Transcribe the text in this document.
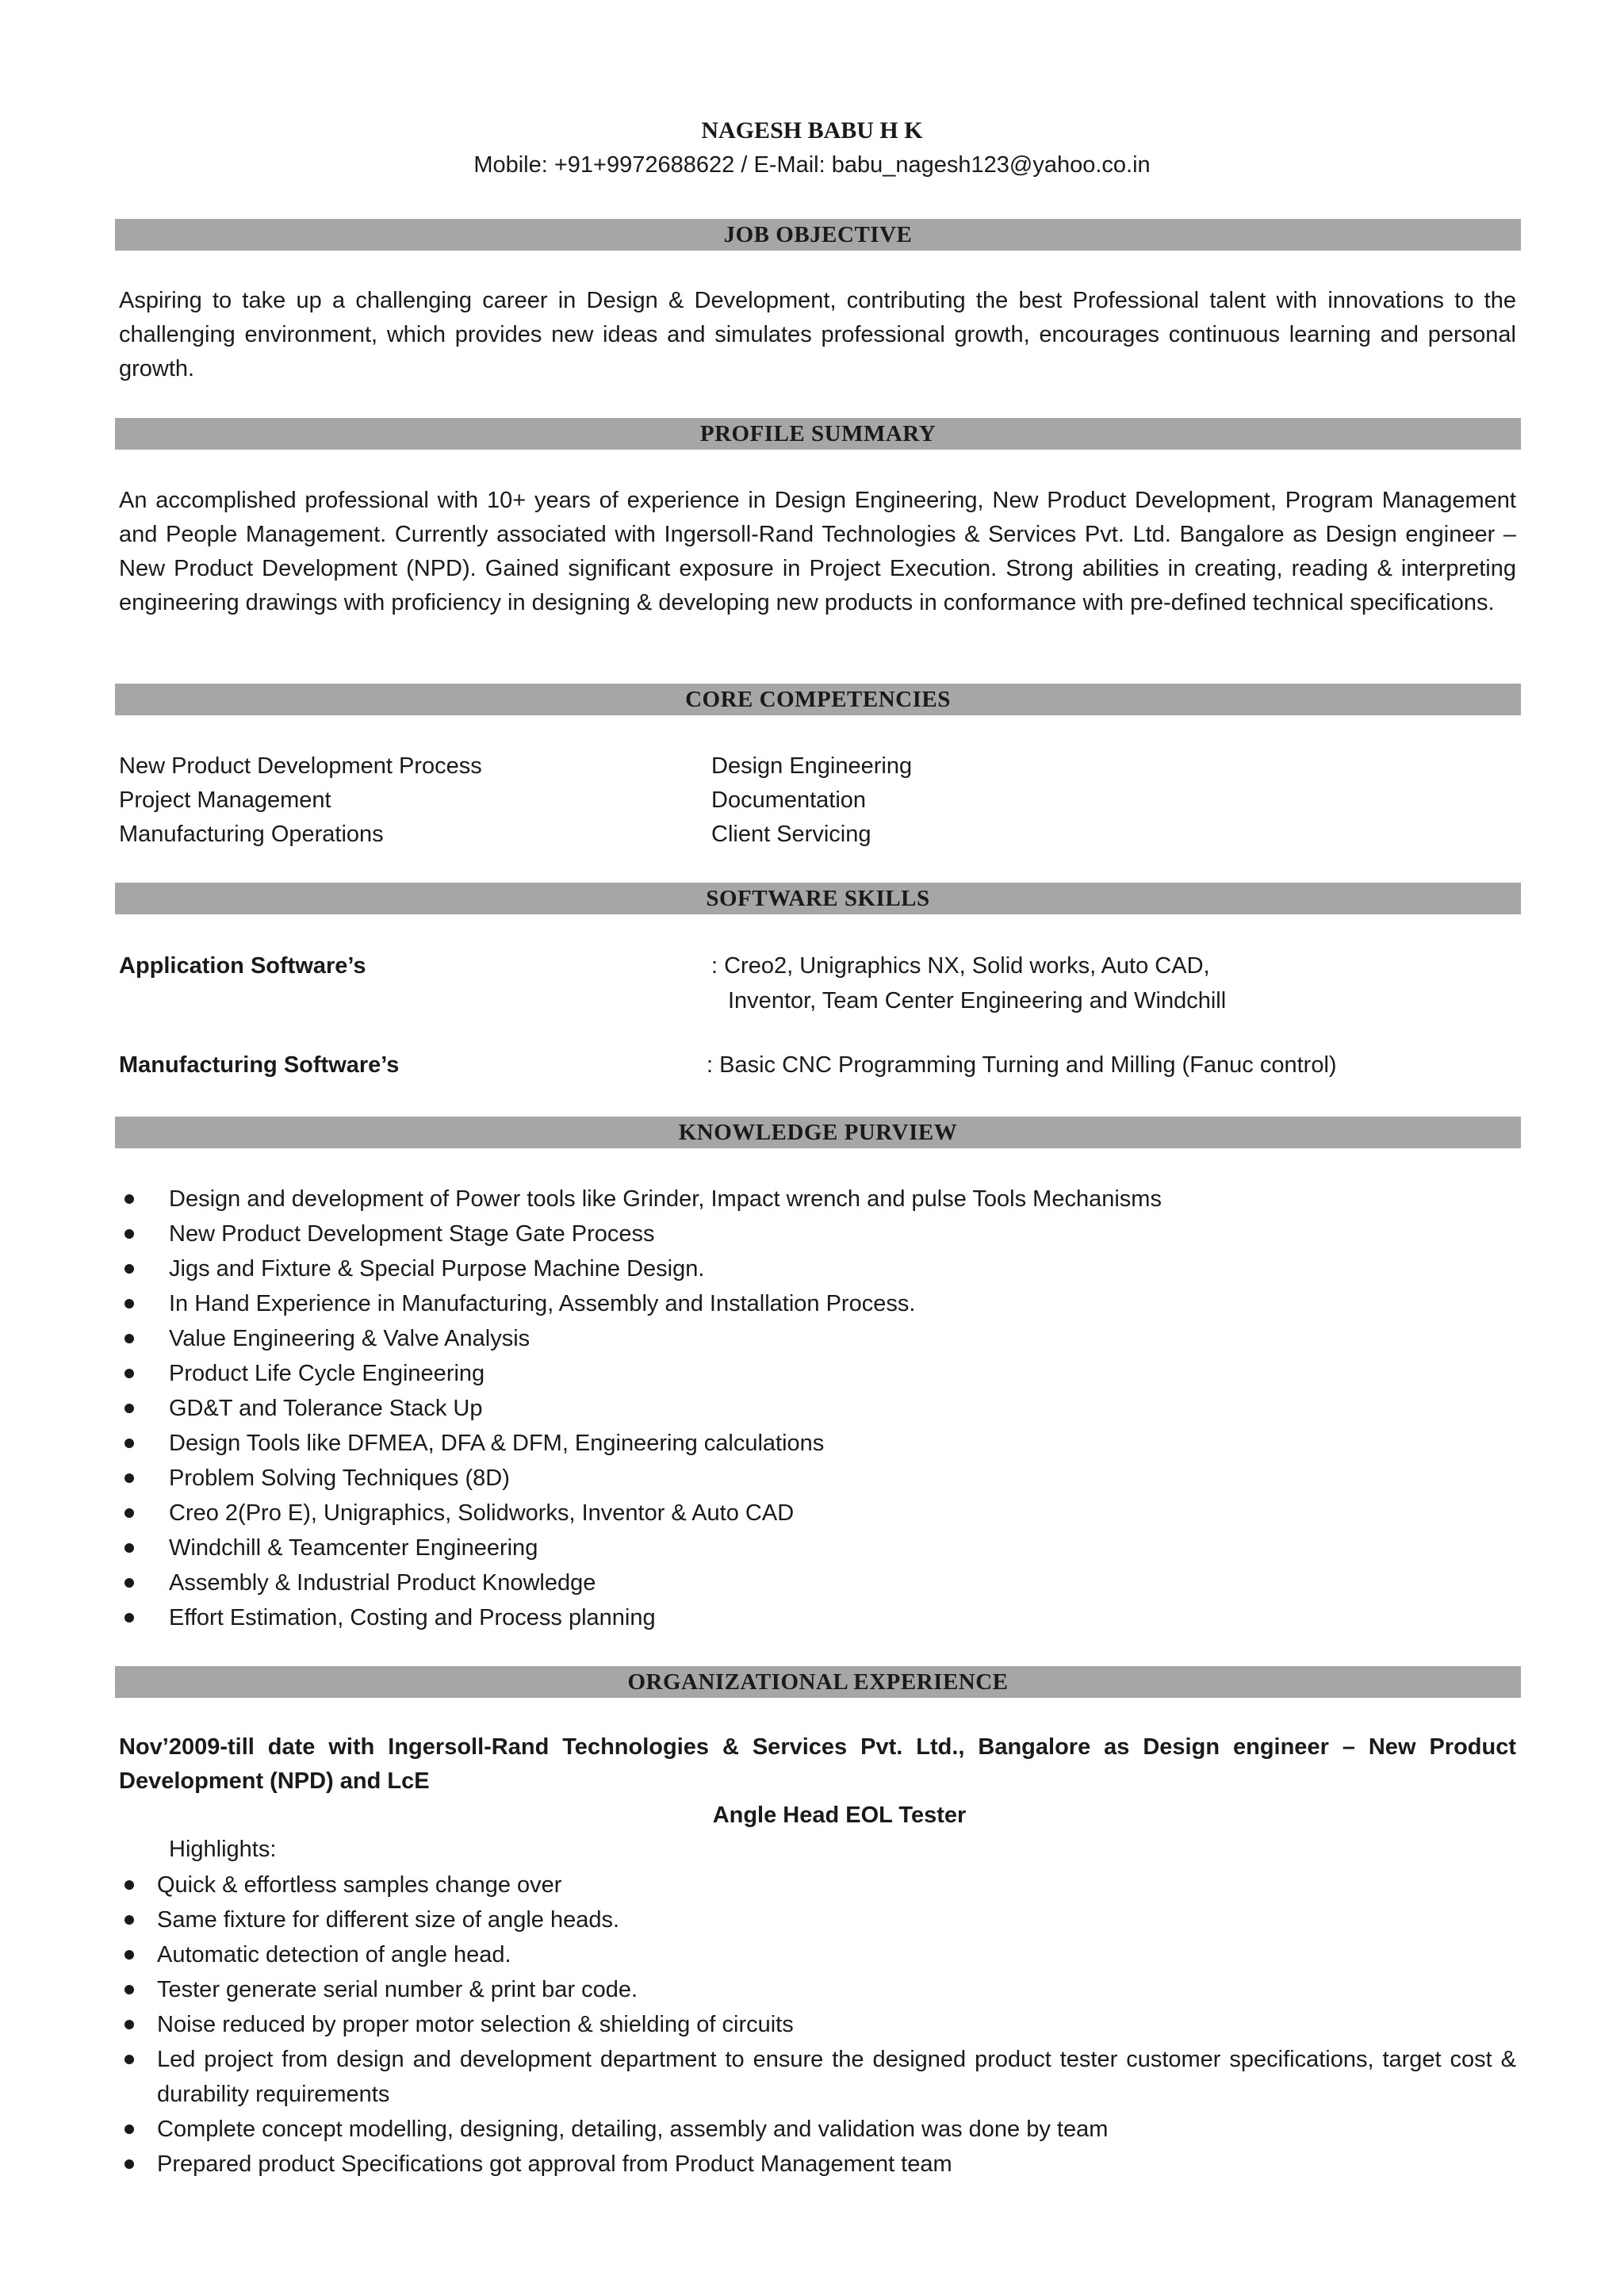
NAGESH BABU H K
Mobile: +91+9972688622 / E-Mail: babu_nagesh123@yahoo.co.in
JOB OBJECTIVE

Aspiring to take up a challenging career in Design & Development, contributing the best Professional talent with innovations to the challenging environment, which provides new ideas and simulates professional growth, encourages continuous learning and personal growth.

PROFILE SUMMARY

An accomplished professional with 10+ years of experience in Design Engineering, New Product Development, Program Management and People Management. Currently associated with Ingersoll-Rand Technologies & Services Pvt. Ltd. Bangalore as Design engineer – New Product Development (NPD). Gained significant exposure in Project Execution. Strong abilities in creating, reading & interpreting engineering drawings with proficiency in designing & developing new products in conformance with pre-defined technical specifications.

CORE COMPETENCIES
New Product Development Process
Project Management
Manufacturing Operations
Design Engineering
Documentation
Client Servicing
SOFTWARE SKILLS
Application Software’s	: Creo2, Unigraphics NX, Solid works, Auto CAD,
Inventor, Team Center Engineering and Windchill
Manufacturing Software’s	: Basic CNC Programming Turning and Milling (Fanuc control)
KNOWLEDGE PURVIEW
Design and development of Power tools like Grinder, Impact wrench and pulse Tools Mechanisms
New Product Development Stage Gate Process
Jigs and Fixture & Special Purpose Machine Design.
In Hand Experience in Manufacturing, Assembly and Installation Process.
Value Engineering & Valve Analysis
Product Life Cycle Engineering
GD&T and Tolerance Stack Up
Design Tools like DFMEA, DFA & DFM, Engineering calculations
Problem Solving Techniques (8D)
Creo 2(Pro E), Unigraphics, Solidworks, Inventor & Auto CAD
Windchill & Teamcenter Engineering
Assembly & Industrial Product Knowledge
Effort Estimation, Costing and Process planning
ORGANIZATIONAL EXPERIENCE

Nov’2009-till date with Ingersoll-Rand Technologies & Services Pvt. Ltd., Bangalore as Design engineer – New Product Development (NPD) and LcE

Angle Head EOL Tester
Highlights:
Quick & effortless samples change over
Same fixture for different size of angle heads.
Automatic detection of angle head.
Tester generate serial number & print bar code.
Noise reduced by proper motor selection & shielding of circuits
Led project from design and development department to ensure the designed product tester customer specifications, target cost & durability requirements
Complete concept modelling, designing, detailing, assembly and validation was done by team
Prepared product Specifications got approval from Product Management team
